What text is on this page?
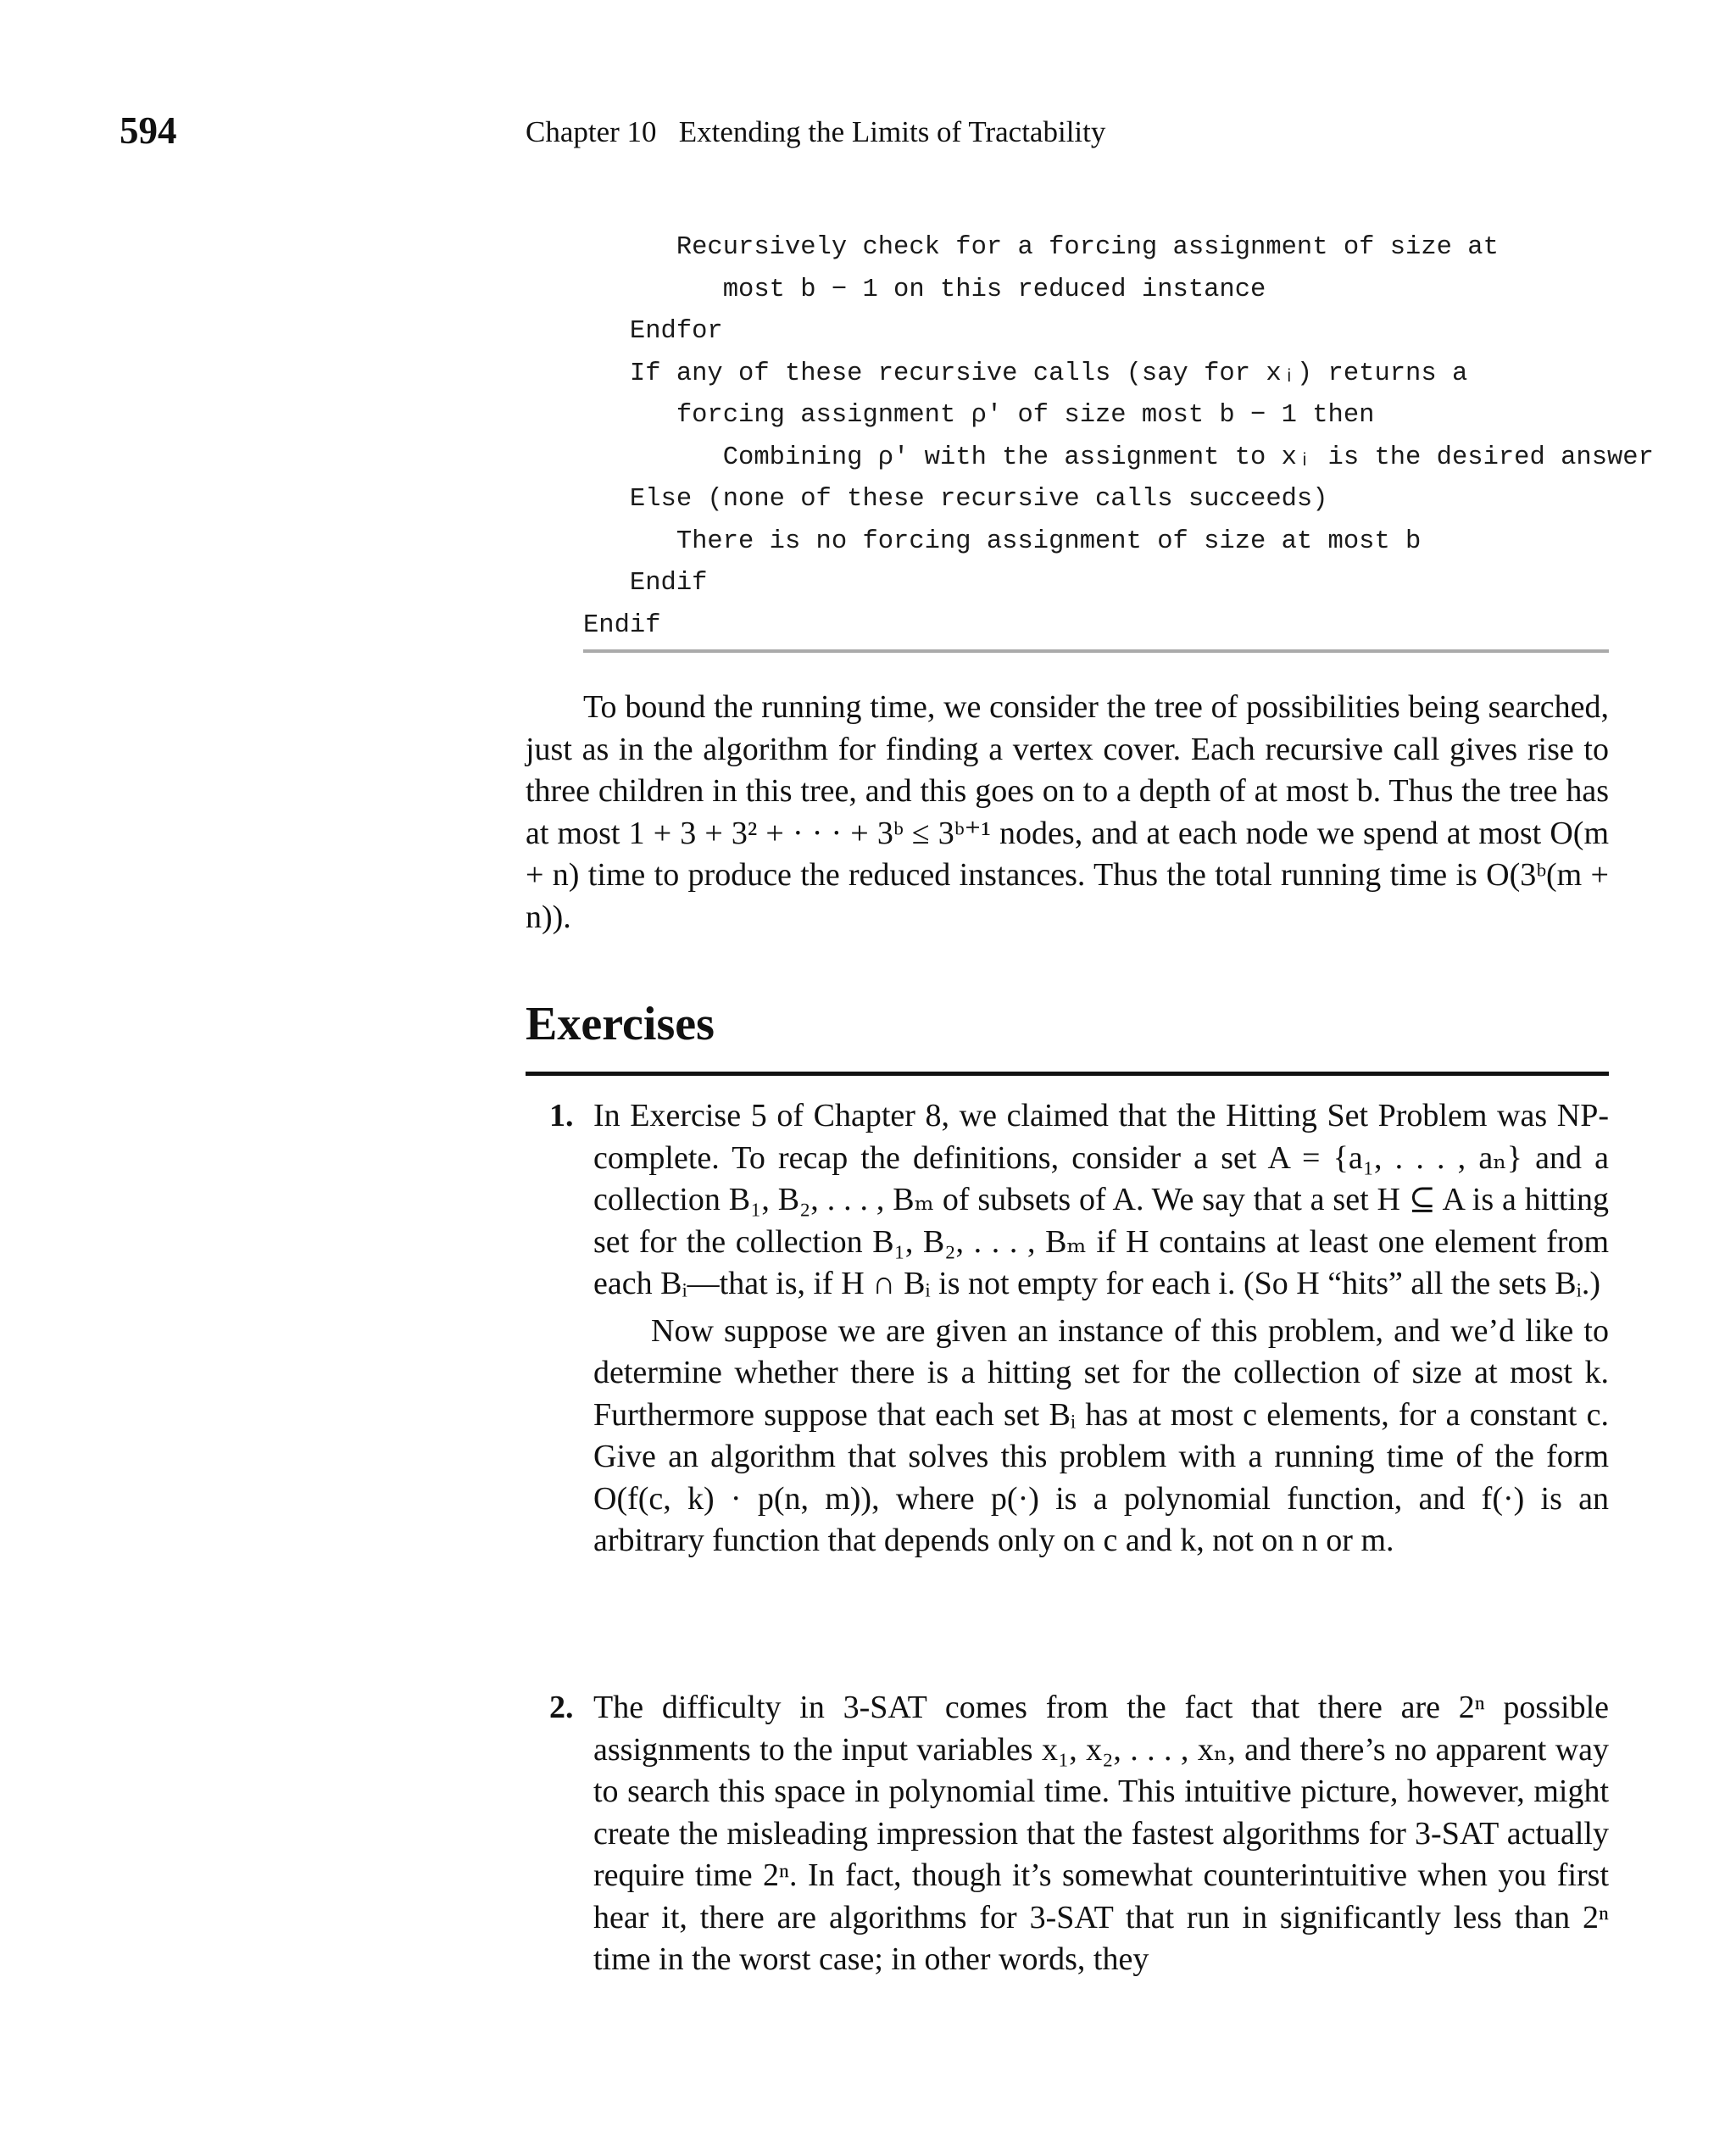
594	Chapter 10   Extending the Limits of Tractability
Recursively check for a forcing assignment of size at
most b − 1 on this reduced instance
Endfor
If any of these recursive calls (say for xᵢ) returns a
forcing assignment ρ′ of size most b − 1 then
Combining ρ′ with the assignment to xᵢ is the desired answer
Else (none of these recursive calls succeeds)
There is no forcing assignment of size at most b
Endif
Endif

To bound the running time, we consider the tree of possibilities being searched, just as in the algorithm for finding a vertex cover. Each recursive call gives rise to three children in this tree, and this goes on to a depth of at most b. Thus the tree has at most 1 + 3 + 3² + · · · + 3ᵇ ≤ 3ᵇ⁺¹ nodes, and at each node we spend at most O(m + n) time to produce the reduced instances. Thus the total running time is O(3ᵇ(m + n)).

Exercises
1. In Exercise 5 of Chapter 8, we claimed that the Hitting Set Problem was NP-complete. To recap the definitions, consider a set A = {a₁, . . . , aₙ} and a collection B₁, B₂, . . . , Bₘ of subsets of A. We say that a set H ⊆ A is a hitting set for the collection B₁, B₂, . . . , Bₘ if H contains at least one element from each Bᵢ—that is, if H ∩ Bᵢ is not empty for each i. (So H “hits” all the sets Bᵢ.)

Now suppose we are given an instance of this problem, and we’d like to determine whether there is a hitting set for the collection of size at most k. Furthermore suppose that each set Bᵢ has at most c elements, for a constant c. Give an algorithm that solves this problem with a running time of the form O(f(c, k) · p(n, m)), where p(·) is a polynomial function, and f(·) is an arbitrary function that depends only on c and k, not on n or m.

2. The difficulty in 3-SAT comes from the fact that there are 2ⁿ possible assignments to the input variables x₁, x₂, . . . , xₙ, and there’s no apparent way to search this space in polynomial time. This intuitive picture, however, might create the misleading impression that the fastest algorithms for 3-SAT actually require time 2ⁿ. In fact, though it’s somewhat counterintuitive when you first hear it, there are algorithms for 3-SAT that run in significantly less than 2ⁿ time in the worst case; in other words, they
